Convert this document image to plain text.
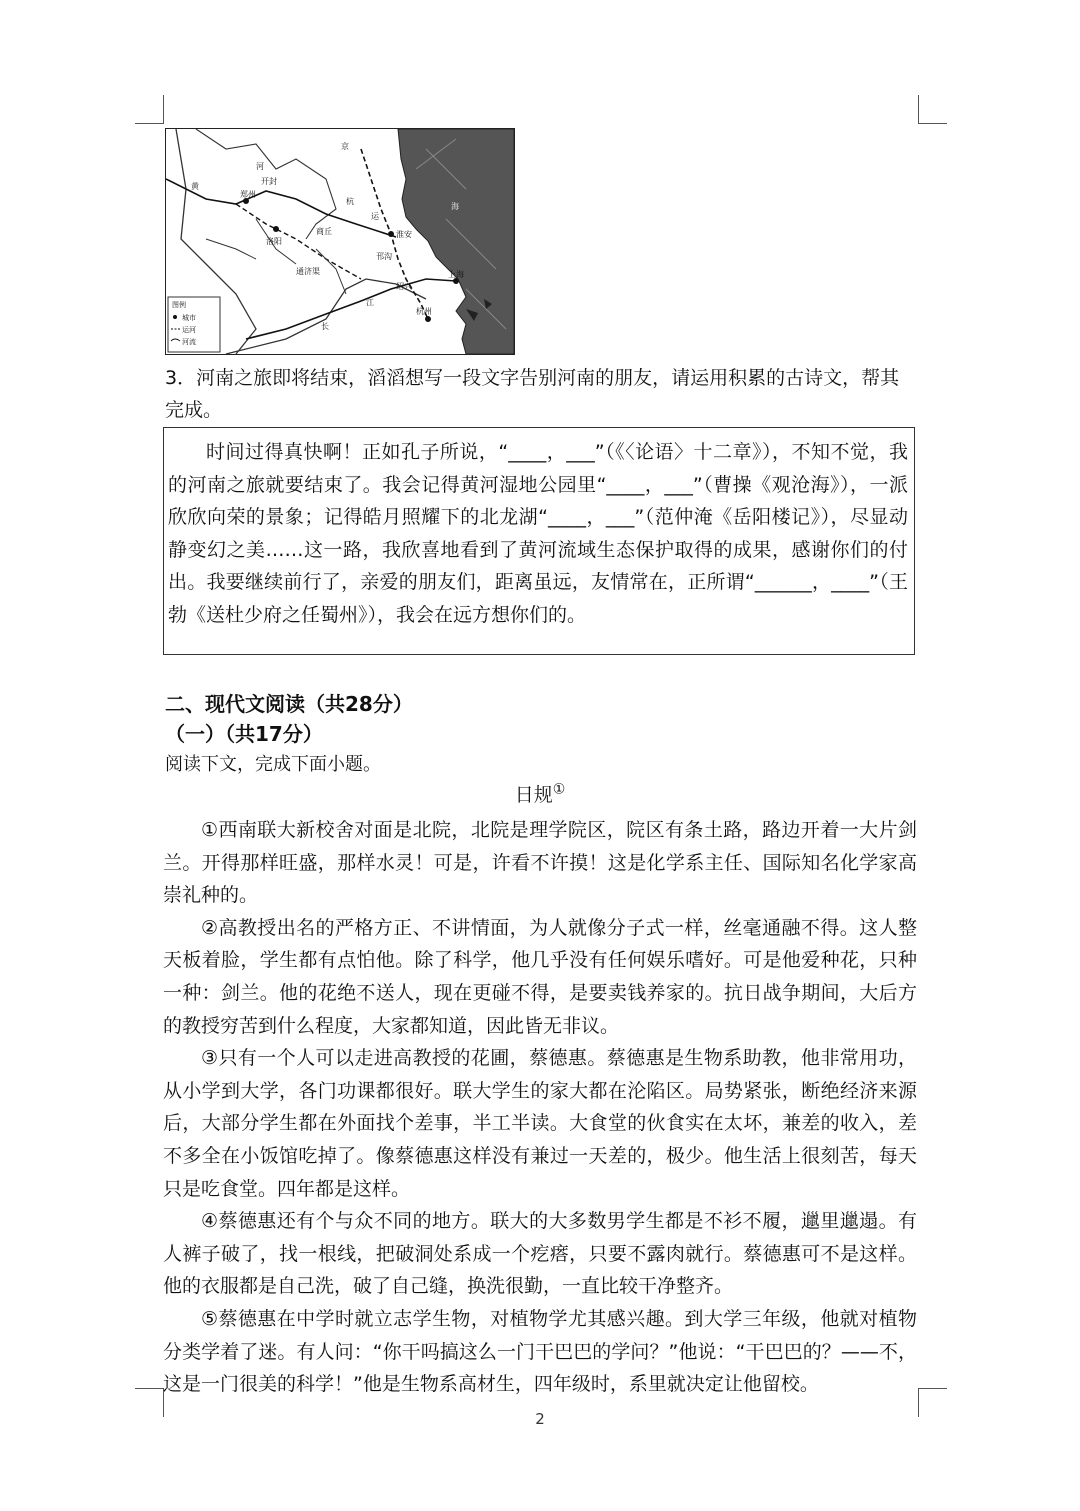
京
杭
运
淮安
郑州
洛阳
开封
商丘
黄
河
通济渠
邗沟
上海
杭州
绍兴
长
江
海
图例
城市
运河
河流
3．河南之旅即将结束，滔滔想写一段文字告别河南的朋友，请运用积累的古诗文，帮其完成。

时间过得真快啊！正如孔子所说，“____，___”（《〈论语〉十二章》），不知不觉，我的河南之旅就要结束了。我会记得黄河湿地公园里“____，___”（曹操《观沧海》），一派欣欣向荣的景象；记得皓月照耀下的北龙湖“____，___”（范仲淹《岳阳楼记》），尽显动静变幻之美……这一路，我欣喜地看到了黄河流域生态保护取得的成果，感谢你们的付出。我要继续前行了，亲爱的朋友们，距离虽远，友情常在，正所谓“______，____”（王勃《送杜少府之任蜀州》），我会在远方想你们的。

二、现代文阅读（共28分）
（一）（共17分）
阅读下文，完成下面小题。
日规①

①西南联大新校舍对面是北院，北院是理学院区，院区有条土路，路边开着一大片剑兰。开得那样旺盛，那样水灵！可是，许看不许摸！这是化学系主任、国际知名化学家高崇礼种的。

②高教授出名的严格方正、不讲情面，为人就像分子式一样，丝毫通融不得。这人整天板着脸，学生都有点怕他。除了科学，他几乎没有任何娱乐嗜好。可是他爱种花，只种一种：剑兰。他的花绝不送人，现在更碰不得，是要卖钱养家的。抗日战争期间，大后方的教授穷苦到什么程度，大家都知道，因此皆无非议。

③只有一个人可以走进高教授的花圃，蔡德惠。蔡德惠是生物系助教，他非常用功，从小学到大学，各门功课都很好。联大学生的家大都在沦陷区。局势紧张，断绝经济来源后，大部分学生都在外面找个差事，半工半读。大食堂的伙食实在太坏，兼差的收入，差不多全在小饭馆吃掉了。像蔡德惠这样没有兼过一天差的，极少。他生活上很刻苦，每天只是吃食堂。四年都是这样。

④蔡德惠还有个与众不同的地方。联大的大多数男学生都是不衫不履，邋里邋遢。有人裤子破了，找一根线，把破洞处系成一个疙瘩，只要不露肉就行。蔡德惠可不是这样。他的衣服都是自己洗，破了自己缝，换洗很勤，一直比较干净整齐。

⑤蔡德惠在中学时就立志学生物，对植物学尤其感兴趣。到大学三年级，他就对植物分类学着了迷。有人问：“你干吗搞这么一门干巴巴的学问？”他说：“干巴巴的？——不，这是一门很美的科学！”他是生物系高材生，四年级时，系里就决定让他留校。

2
